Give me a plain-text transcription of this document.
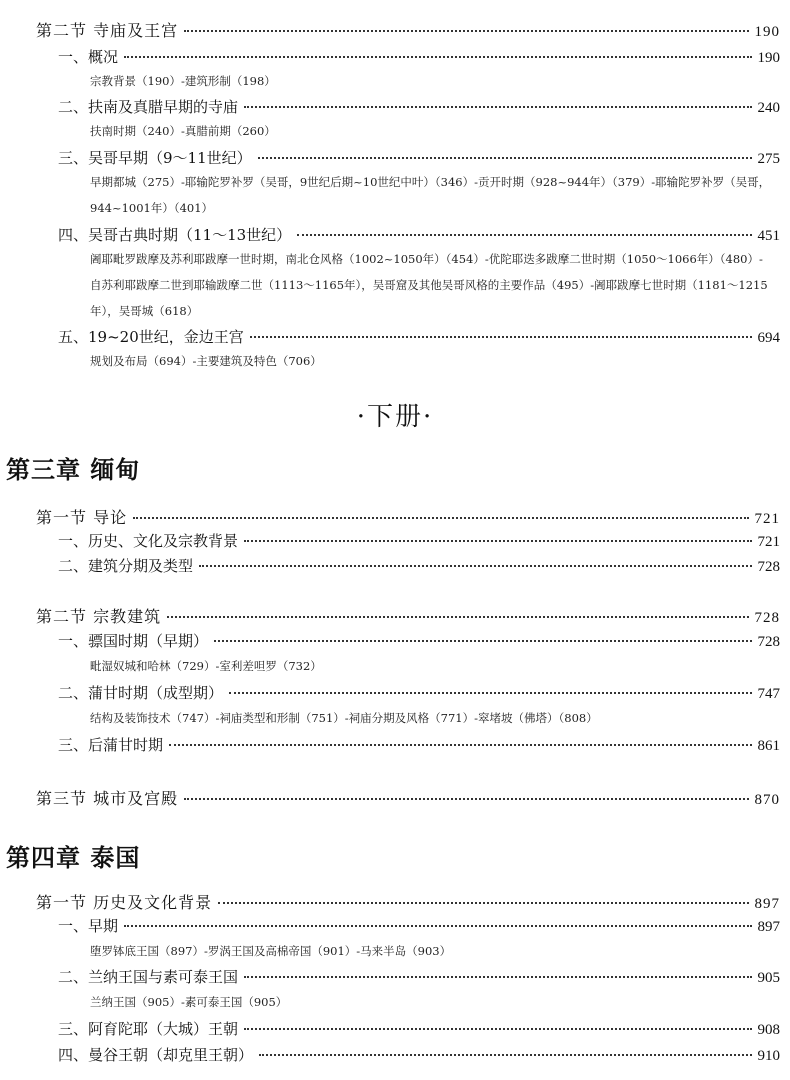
第二节 寺庙及王宫	190
一、概况	190
宗教背景（190）-建筑形制（198）
二、扶南及真腊早期的寺庙	240
扶南时期（240）-真腊前期（260）
三、吴哥早期（9～11世纪）	275
早期都城（275）-耶输陀罗补罗（吴哥，9世纪后期~10世纪中叶）（346）-贡开时期（928~944年）（379）-耶输陀罗补罗（吴哥，944~1001年）（401）
四、吴哥古典时期（11～13世纪）	451
阇耶毗罗跋摩及苏利耶跋摩一世时期，南北仓风格（1002~1050年）（454）-优陀耶迭多跋摩二世时期（1050～1066年）（480）-自苏利耶跋摩二世到耶输跋摩二世（1113～1165年），吴哥窟及其他吴哥风格的主要作品（495）-阇耶跋摩七世时期（1181～1215年），吴哥城（618）
五、19~20世纪，金边王宫	694
规划及布局（694）-主要建筑及特色（706）
·下册·
第三章 缅甸
第一节 导论	721
一、历史、文化及宗教背景	721
二、建筑分期及类型	728
第二节 宗教建筑	728
一、骠国时期（早期）	728
毗湿奴城和哈林（729）-室利差呾罗（732）
二、蒲甘时期（成型期）	747
结构及装饰技术（747）-祠庙类型和形制（751）-祠庙分期及风格（771）-窣堵坡（佛塔）（808）
三、后蒲甘时期	861
第三节 城市及宫殿	870
第四章 泰国
第一节 历史及文化背景	897
一、早期	897
堕罗钵底王国（897）-罗涡王国及高棉帝国（901）-马来半岛（903）
二、兰纳王国与素可泰王国	905
兰纳王国（905）-素可泰王国（905）
三、阿育陀耶（大城）王朝	908
四、曼谷王朝（却克里王朝）	910
